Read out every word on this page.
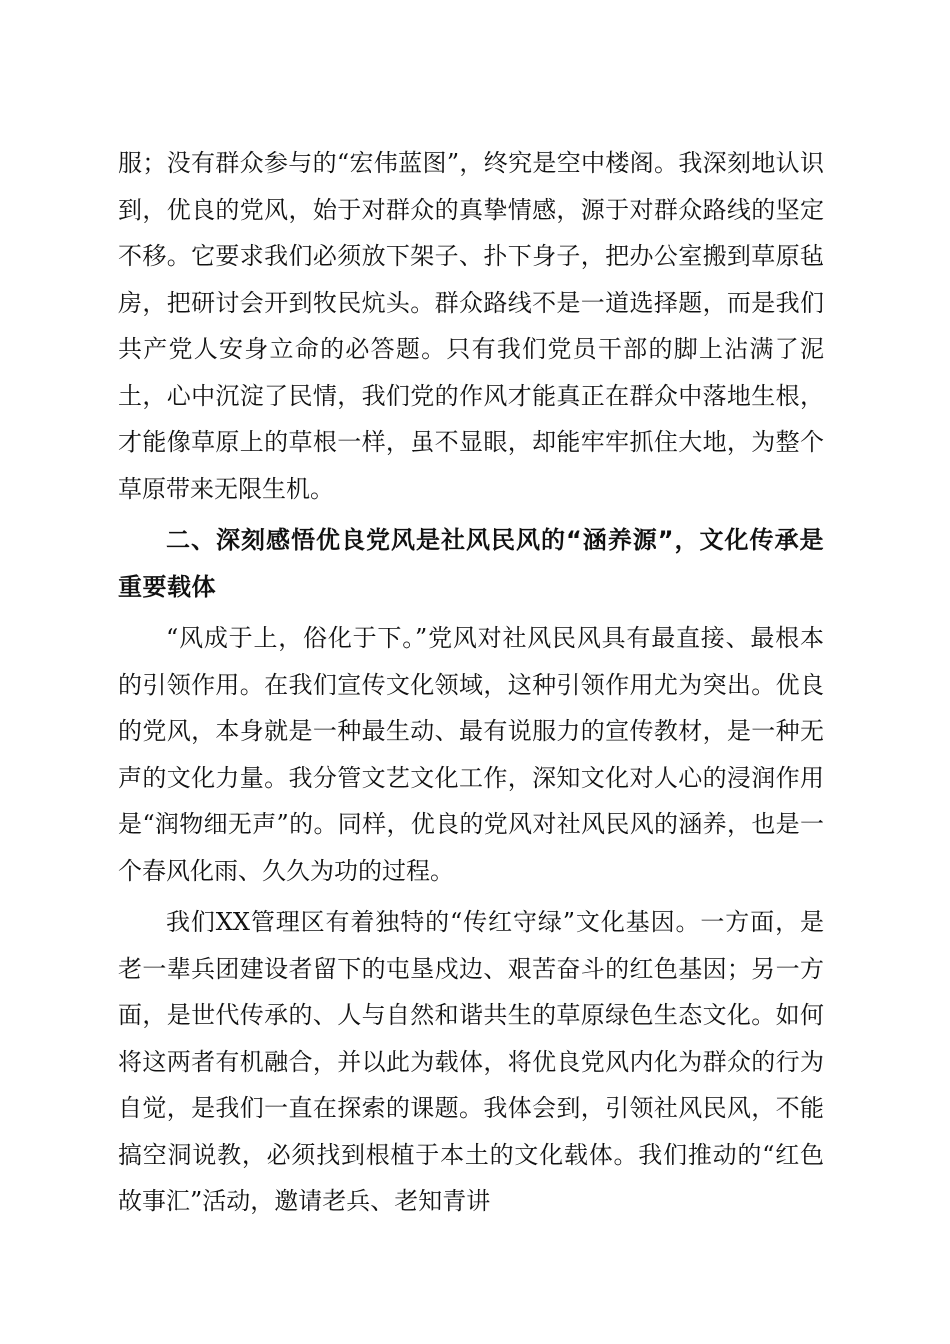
服；没有群众参与的“宏伟蓝图”，终究是空中楼阁。我深刻地认识到，优良的党风，始于对群众的真挚情感，源于对群众路线的坚定不移。它要求我们必须放下架子、扑下身子，把办公室搬到草原毡房，把研讨会开到牧民炕头。群众路线不是一道选择题，而是我们共产党人安身立命的必答题。只有我们党员干部的脚上沾满了泥土，心中沉淀了民情，我们党的作风才能真正在群众中落地生根，才能像草原上的草根一样，虽不显眼，却能牢牢抓住大地，为整个草原带来无限生机。

二、深刻感悟优良党风是社风民风的“涵养源”，文化传承是重要载体

“风成于上，俗化于下。”党风对社风民风具有最直接、最根本的引领作用。在我们宣传文化领域，这种引领作用尤为突出。优良的党风，本身就是一种最生动、最有说服力的宣传教材，是一种无声的文化力量。我分管文艺文化工作，深知文化对人心的浸润作用是“润物细无声”的。同样，优良的党风对社风民风的涵养，也是一个春风化雨、久久为功的过程。

我们XX管理区有着独特的“传红守绿”文化基因。一方面，是老一辈兵团建设者留下的屯垦戍边、艰苦奋斗的红色基因；另一方面，是世代传承的、人与自然和谐共生的草原绿色生态文化。如何将这两者有机融合，并以此为载体，将优良党风内化为群众的行为自觉，是我们一直在探索的课题。我体会到，引领社风民风，不能搞空洞说教，必须找到根植于本土的文化载体。我们推动的“红色故事汇”活动，邀请老兵、老知青讲
